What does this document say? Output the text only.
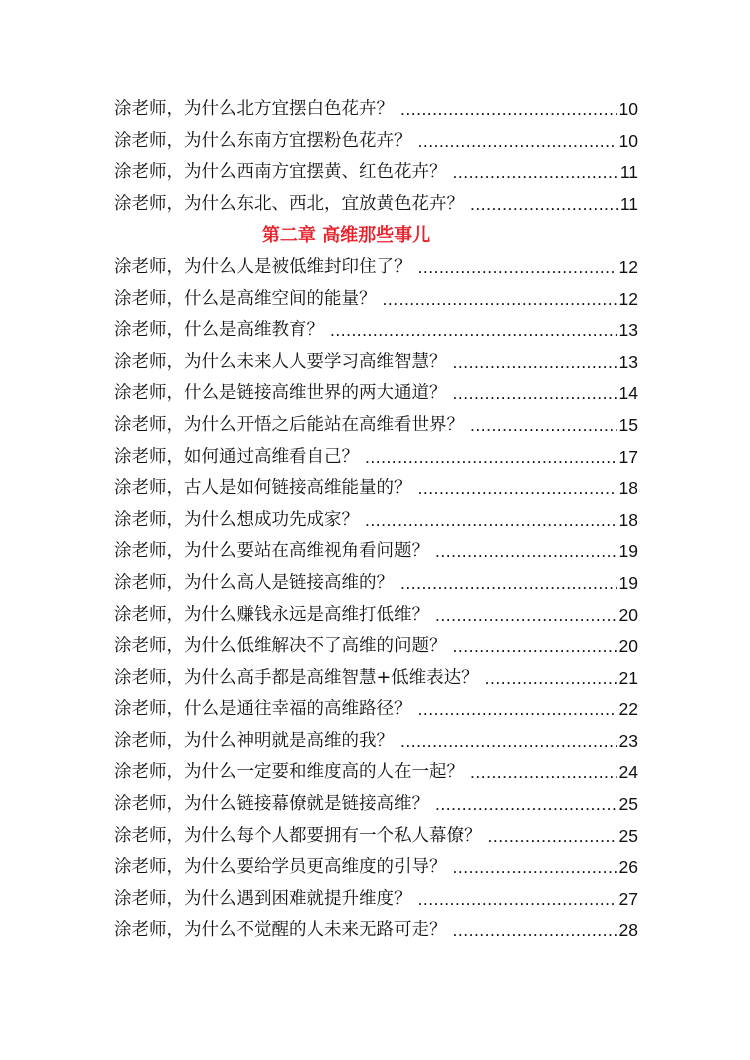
涂老师，为什么北方宜摆白色花卉？ .....	10
涂老师，为什么东南方宜摆粉色花卉？ .....	10
涂老师，为什么西南方宜摆黄、红色花卉？ .....	11
涂老师，为什么东北、西北，宜放黄色花卉？ .....	11
第二章 高维那些事儿
涂老师，为什么人是被低维封印住了？ .....	12
涂老师，什么是高维空间的能量？ .....	12
涂老师，什么是高维教育？ .....	13
涂老师，为什么未来人人要学习高维智慧？ .....	13
涂老师，什么是链接高维世界的两大通道？ .....	14
涂老师，为什么开悟之后能站在高维看世界？ .....	15
涂老师，如何通过高维看自己？ .....	17
涂老师，古人是如何链接高维能量的？ .....	18
涂老师，为什么想成功先成家？ .....	18
涂老师，为什么要站在高维视角看问题？ .....	19
涂老师，为什么高人是链接高维的？ .....	19
涂老师，为什么赚钱永远是高维打低维？ .....	20
涂老师，为什么低维解决不了高维的问题？ .....	20
涂老师，为什么高手都是高维智慧+低维表达？ .....	21
涂老师，什么是通往幸福的高维路径？ .....	22
涂老师，为什么神明就是高维的我？ .....	23
涂老师，为什么一定要和维度高的人在一起？ .....	24
涂老师，为什么链接幕僚就是链接高维？ .....	25
涂老师，为什么每个人都要拥有一个私人幕僚？ .....	25
涂老师，为什么要给学员更高维度的引导？ .....	26
涂老师，为什么遇到困难就提升维度？ .....	27
涂老师，为什么不觉醒的人未来无路可走？ .....	28
